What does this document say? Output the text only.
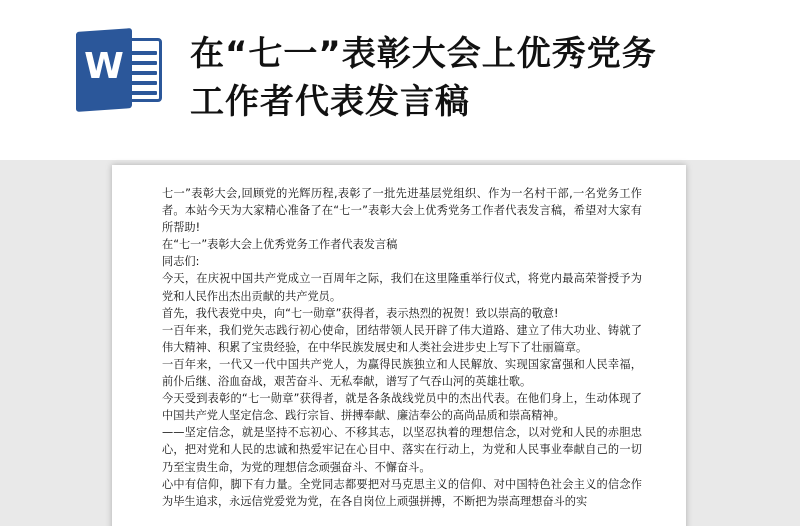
W 在“七一”表彰大会上优秀党务
工作者代表发言稿

七一”表彰大会,回顾党的光辉历程,表彰了一批先进基层党组织、作为一名村干部,一名党务工作者。本站今天为大家精心准备了在“七一”表彰大会上优秀党务工作者代表发言稿，希望对大家有所帮助!

在“七一”表彰大会上优秀党务工作者代表发言稿

同志们:

今天，在庆祝中国共产党成立一百周年之际，我们在这里隆重举行仪式，将党内最高荣誉授予为党和人民作出杰出贡献的共产党员。

首先，我代表党中央，向“七一勋章”获得者，表示热烈的祝贺！致以崇高的敬意!

一百年来，我们党矢志践行初心使命，团结带领人民开辟了伟大道路、建立了伟大功业、铸就了伟大精神、积累了宝贵经验，在中华民族发展史和人类社会进步史上写下了壮丽篇章。

一百年来，一代又一代中国共产党人，为赢得民族独立和人民解放、实现国家富强和人民幸福，前仆后继、浴血奋战，艰苦奋斗、无私奉献，谱写了气吞山河的英雄壮歌。

今天受到表彰的“七一勋章”获得者，就是各条战线党员中的杰出代表。在他们身上，生动体现了中国共产党人坚定信念、践行宗旨、拼搏奉献、廉洁奉公的高尚品质和崇高精神。

——坚定信念，就是坚持不忘初心、不移其志，以坚忍执着的理想信念，以对党和人民的赤胆忠心，把对党和人民的忠诚和热爱牢记在心目中、落实在行动上，为党和人民事业奉献自己的一切乃至宝贵生命，为党的理想信念顽强奋斗、不懈奋斗。

心中有信仰，脚下有力量。全党同志都要把对马克思主义的信仰、对中国特色社会主义的信念作为毕生追求，永远信党爱党为党，在各自岗位上顽强拼搏，不断把为崇高理想奋斗的实
